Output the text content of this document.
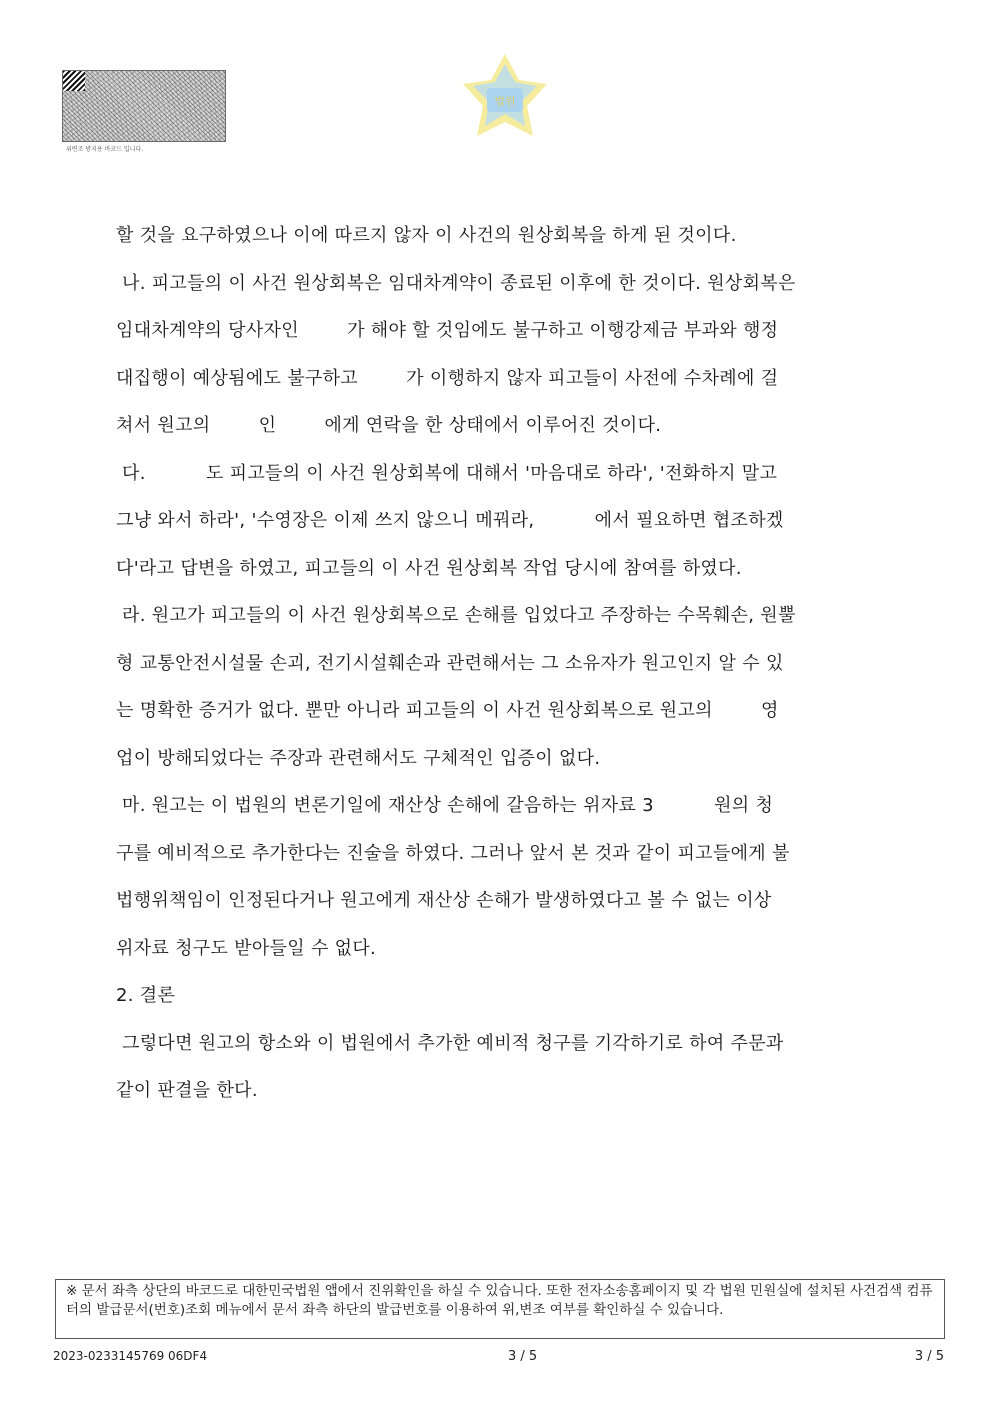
위변조 방지용 바코드 입니다.
법원
할 것을 요구하였으나 이에 따르지 않자 이 사건의 원상회복을 하게 된 것이다.
나. 피고들의 이 사건 원상회복은 임대차계약이 종료된 이후에 한 것이다. 원상회복은
임대차계약의 당사자인        가 해야 할 것임에도 불구하고 이행강제금 부과와 행정
대집행이 예상됨에도 불구하고        가 이행하지 않자 피고들이 사전에 수차례에 걸
쳐서 원고의        인        에게 연락을 한 상태에서 이루어진 것이다.
다.          도 피고들의 이 사건 원상회복에 대해서 '마음대로 하라', '전화하지 말고
그냥 와서 하라', '수영장은 이제 쓰지 않으니 메꿔라,          에서 필요하면 협조하겠
다'라고 답변을 하였고, 피고들의 이 사건 원상회복 작업 당시에 참여를 하였다.
라. 원고가 피고들의 이 사건 원상회복으로 손해를 입었다고 주장하는 수목훼손, 원뿔
형 교통안전시설물 손괴, 전기시설훼손과 관련해서는 그 소유자가 원고인지 알 수 있
는 명확한 증거가 없다. 뿐만 아니라 피고들의 이 사건 원상회복으로 원고의        영
업이 방해되었다는 주장과 관련해서도 구체적인 입증이 없다.
마. 원고는 이 법원의 변론기일에 재산상 손해에 갈음하는 위자료 3          원의 청
구를 예비적으로 추가한다는 진술을 하였다. 그러나 앞서 본 것과 같이 피고들에게 불
법행위책임이 인정된다거나 원고에게 재산상 손해가 발생하였다고 볼 수 없는 이상
위자료 청구도 받아들일 수 없다.
2. 결론
그렇다면 원고의 항소와 이 법원에서 추가한 예비적 청구를 기각하기로 하여 주문과
같이 판결을 한다.
※ 문서 좌측 상단의 바코드로 대한민국법원 앱에서 진위확인을 하실 수 있습니다. 또한 전자소송홈페이지 및 각 법원 민원실에 설치된 사건검색 컴퓨터의 발급문서(번호)조회 메뉴에서 문서 좌측 하단의 발급번호를 이용하여 위,변조 여부를 확인하실 수 있습니다.
2023-0233145769 06DF4	3 / 5	3 / 5
